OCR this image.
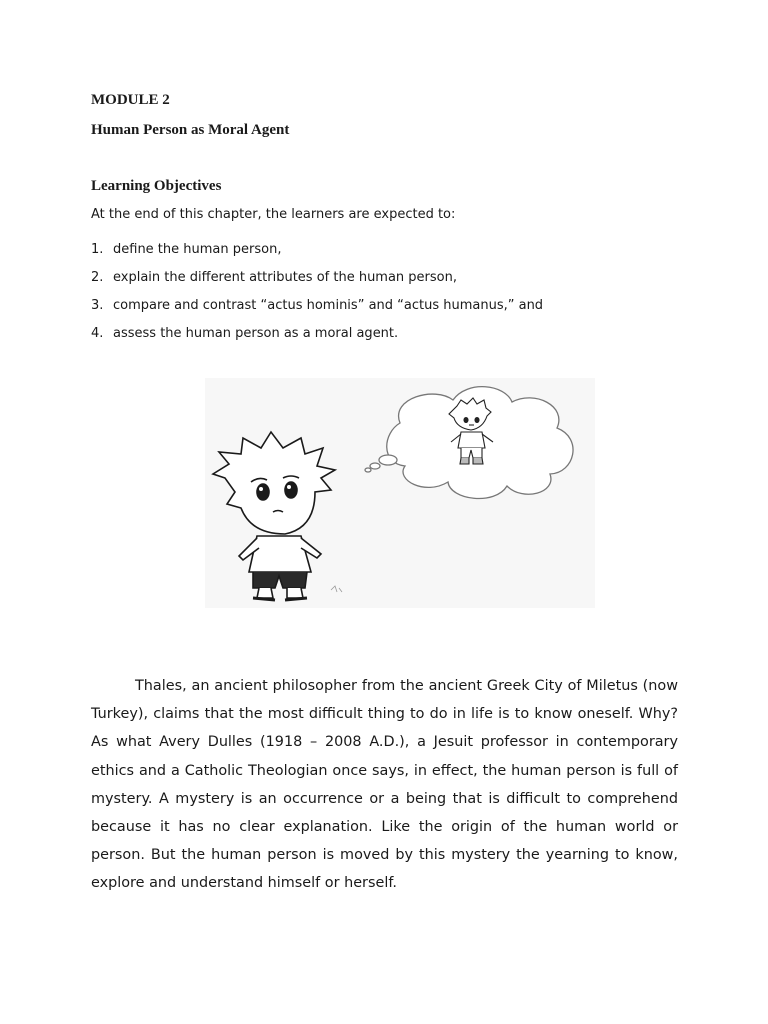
MODULE 2
Human Person as Moral Agent
Learning Objectives
At the end of this chapter, the learners are expected to:
1. define the human person,
2. explain the different attributes of the human person,
3. compare and contrast “actus hominis” and “actus humanus,” and
4. assess the human person as a moral agent.

Thales, an ancient philosopher from the ancient Greek City of Miletus (now Turkey), claims that the most difficult thing to do in life is to know oneself. Why? As what Avery Dulles (1918 – 2008 A.D.), a Jesuit professor in contemporary ethics and a Catholic Theologian once says, in effect, the human person is full of mystery. A mystery is an occurrence or a being that is difficult to comprehend because it has no clear explanation. Like the origin of the human world or person. But the human person is moved by this mystery the yearning to know, explore and understand himself or herself.
